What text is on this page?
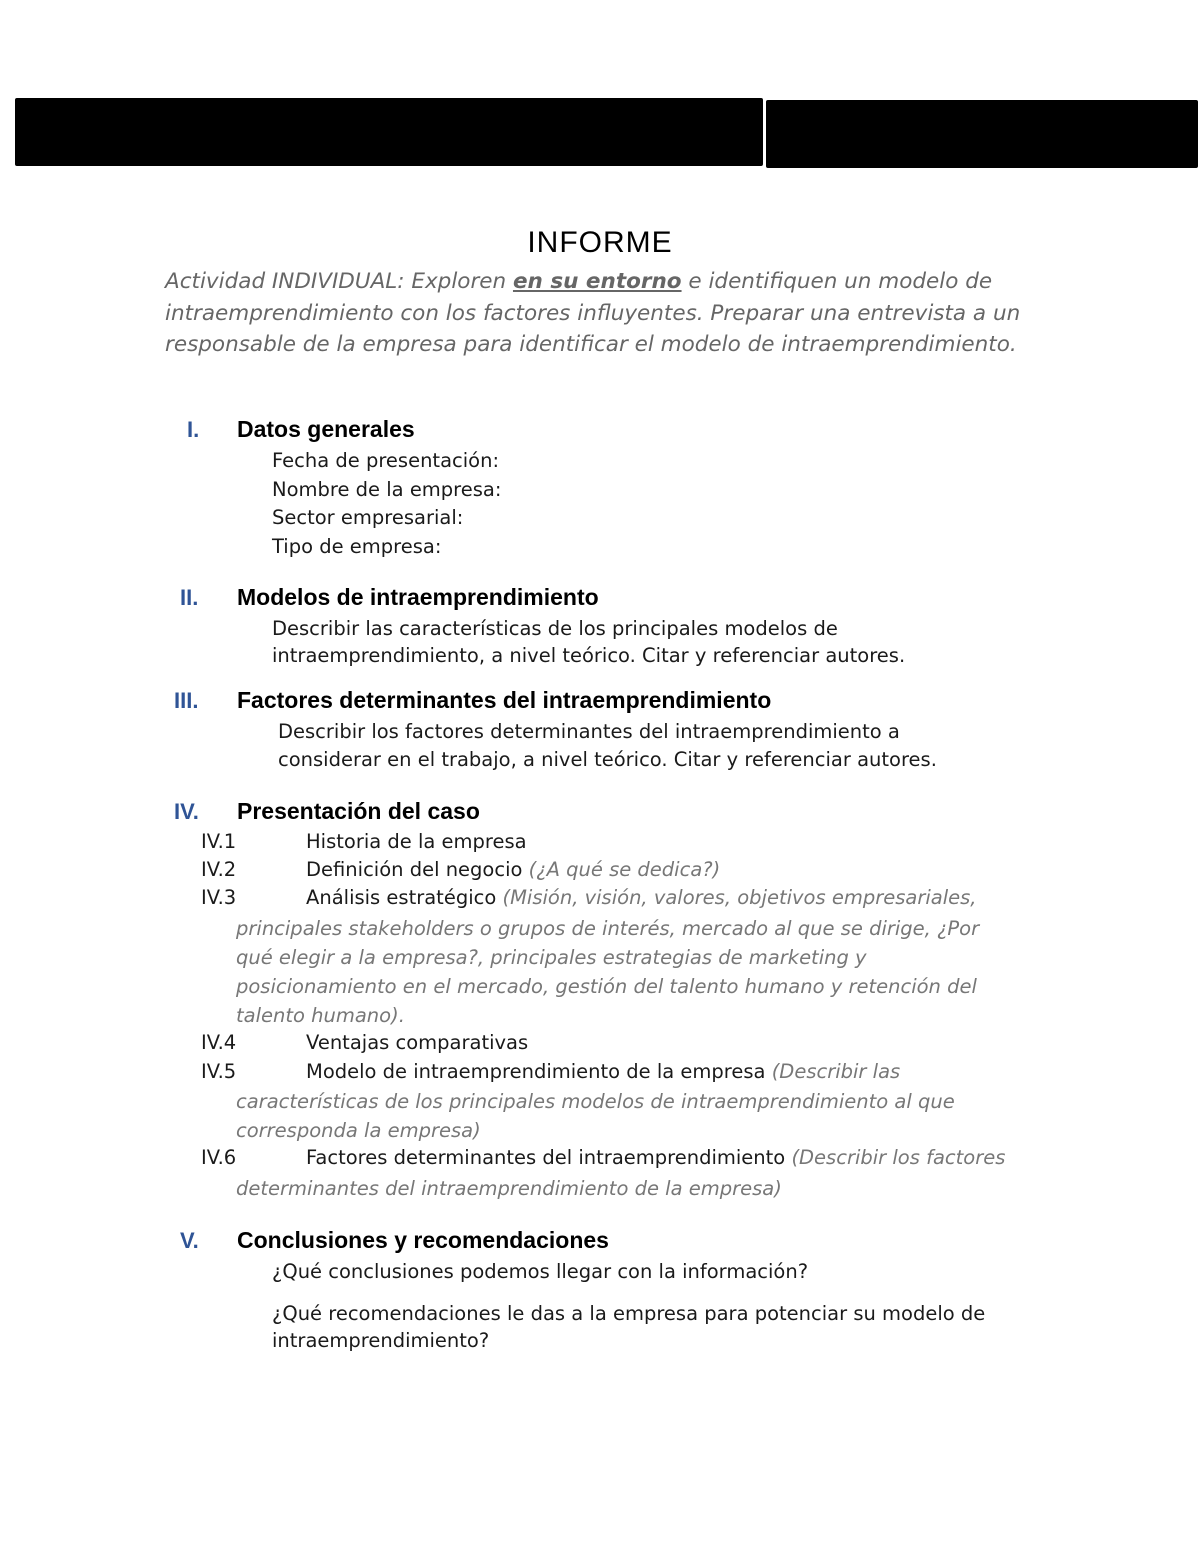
INFORME
Actividad INDIVIDUAL: Exploren en su entorno e identifiquen un modelo de intraemprendimiento con los factores influyentes. Preparar una entrevista a un responsable de la empresa para identificar el modelo de intraemprendimiento.
I. Datos generales
Fecha de presentación:
Nombre de la empresa:
Sector empresarial:
Tipo de empresa:
II. Modelos de intraemprendimiento
Describir las características de los principales modelos de
intraemprendimiento, a nivel teórico. Citar y referenciar autores.
III. Factores determinantes del intraemprendimiento
Describir los factores determinantes del intraemprendimiento a
considerar en el trabajo, a nivel teórico. Citar y referenciar autores.
IV. Presentación del caso
IV.1	Historia de la empresa
IV.2	Definición del negocio (¿A qué se dedica?)
IV.3	Análisis estratégico (Misión, visión, valores, objetivos empresariales,
principales stakeholders o grupos de interés, mercado al que se dirige, ¿Por
qué elegir a la empresa?, principales estrategias de marketing y
posicionamiento en el mercado, gestión del talento humano y retención del
talento humano).
IV.4	Ventajas comparativas
IV.5	Modelo de intraemprendimiento de la empresa (Describir las
características de los principales modelos de intraemprendimiento al que
corresponda la empresa)
IV.6	Factores determinantes del intraemprendimiento (Describir los factores
determinantes del intraemprendimiento de la empresa)
V. Conclusiones y recomendaciones
¿Qué conclusiones podemos llegar con la información?
¿Qué recomendaciones le das a la empresa para potenciar su modelo de
intraemprendimiento?
